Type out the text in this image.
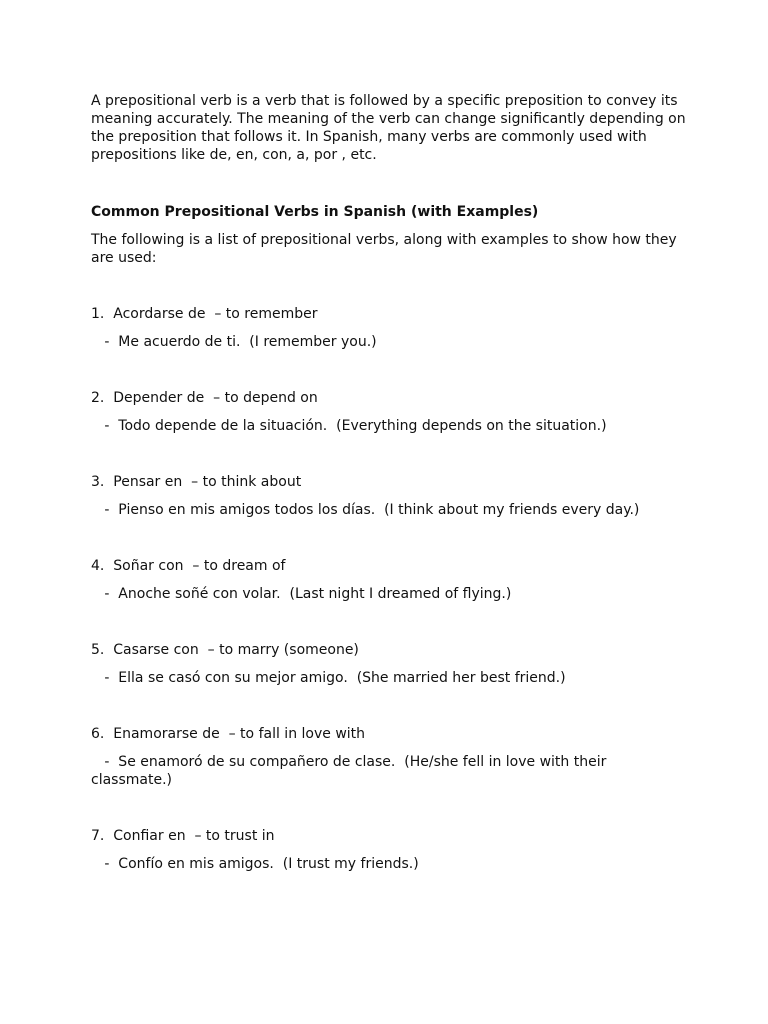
A prepositional verb is a verb that is followed by a specific preposition to convey its meaning accurately. The meaning of the verb can change significantly depending on the preposition that follows it. In Spanish, many verbs are commonly used with prepositions like de, en, con, a, por , etc.

Common Prepositional Verbs in Spanish (with Examples)

The following is a list of prepositional verbs, along with examples to show how they are used:

1.  Acordarse de  – to remember
-  Me acuerdo de ti.  (I remember you.)
2.  Depender de  – to depend on
-  Todo depende de la situación.  (Everything depends on the situation.)
3.  Pensar en  – to think about
-  Pienso en mis amigos todos los días.  (I think about my friends every day.)
4.  Soñar con  – to dream of
-  Anoche soñé con volar.  (Last night I dreamed of flying.)
5.  Casarse con  – to marry (someone)
-  Ella se casó con su mejor amigo.  (She married her best friend.)
6.  Enamorarse de  – to fall in love with
-  Se enamoró de su compañero de clase.  (He/she fell in love with their classmate.)
7.  Confiar en  – to trust in
-  Confío en mis amigos.  (I trust my friends.)
